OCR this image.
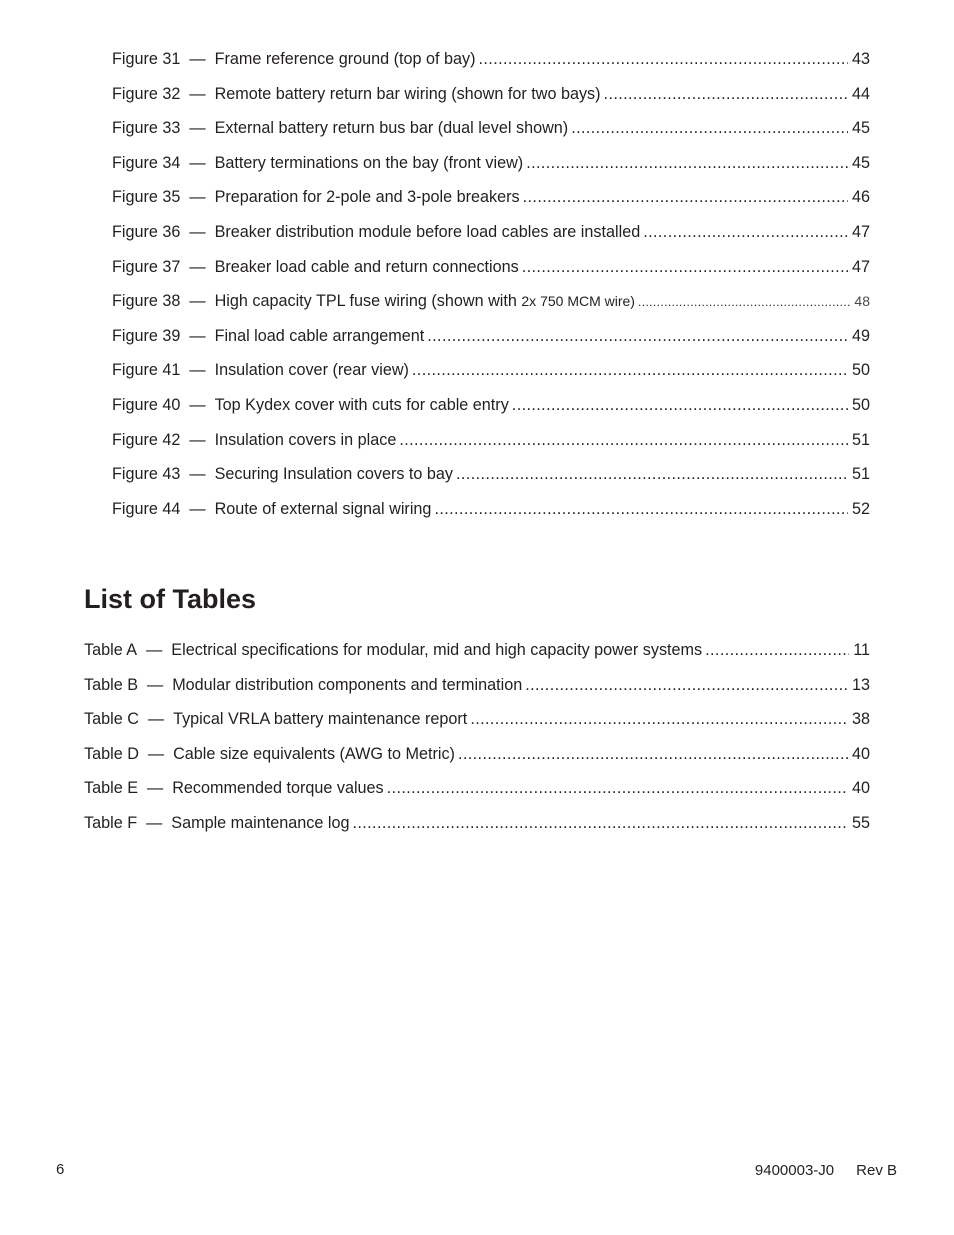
Figure 31 — Frame reference ground (top of bay) .....	43
Figure 32 — Remote battery return bar wiring (shown for two bays) .....	44
Figure 33 — External battery return bus bar (dual level shown) .....	45
Figure 34 — Battery terminations on the bay (front view) .....	45
Figure 35 — Preparation for 2-pole and 3-pole breakers .....	46
Figure 36 — Breaker distribution module before load cables are installed .....	47
Figure 37 — Breaker load cable and return connections .....	47
Figure 38 — High capacity TPL fuse wiring (shown with 2x 750 MCM wire) .....	48
Figure 39 — Final load cable arrangement .....	49
Figure 41 — Insulation cover (rear view) .....	50
Figure 40 — Top Kydex cover with cuts for cable entry .....	50
Figure 42 — Insulation covers in place .....	51
Figure 43 — Securing Insulation covers to bay .....	51
Figure 44 — Route of external signal wiring .....	52
List of Tables
Table A — Electrical specifications for modular, mid and high capacity power systems .....	11
Table B — Modular distribution components and termination .....	13
Table C — Typical VRLA battery maintenance report .....	38
Table D — Cable size equivalents (AWG to Metric) .....	40
Table E — Recommended torque values .....	40
Table F — Sample maintenance log .....	55
6	9400003-J0 Rev B
